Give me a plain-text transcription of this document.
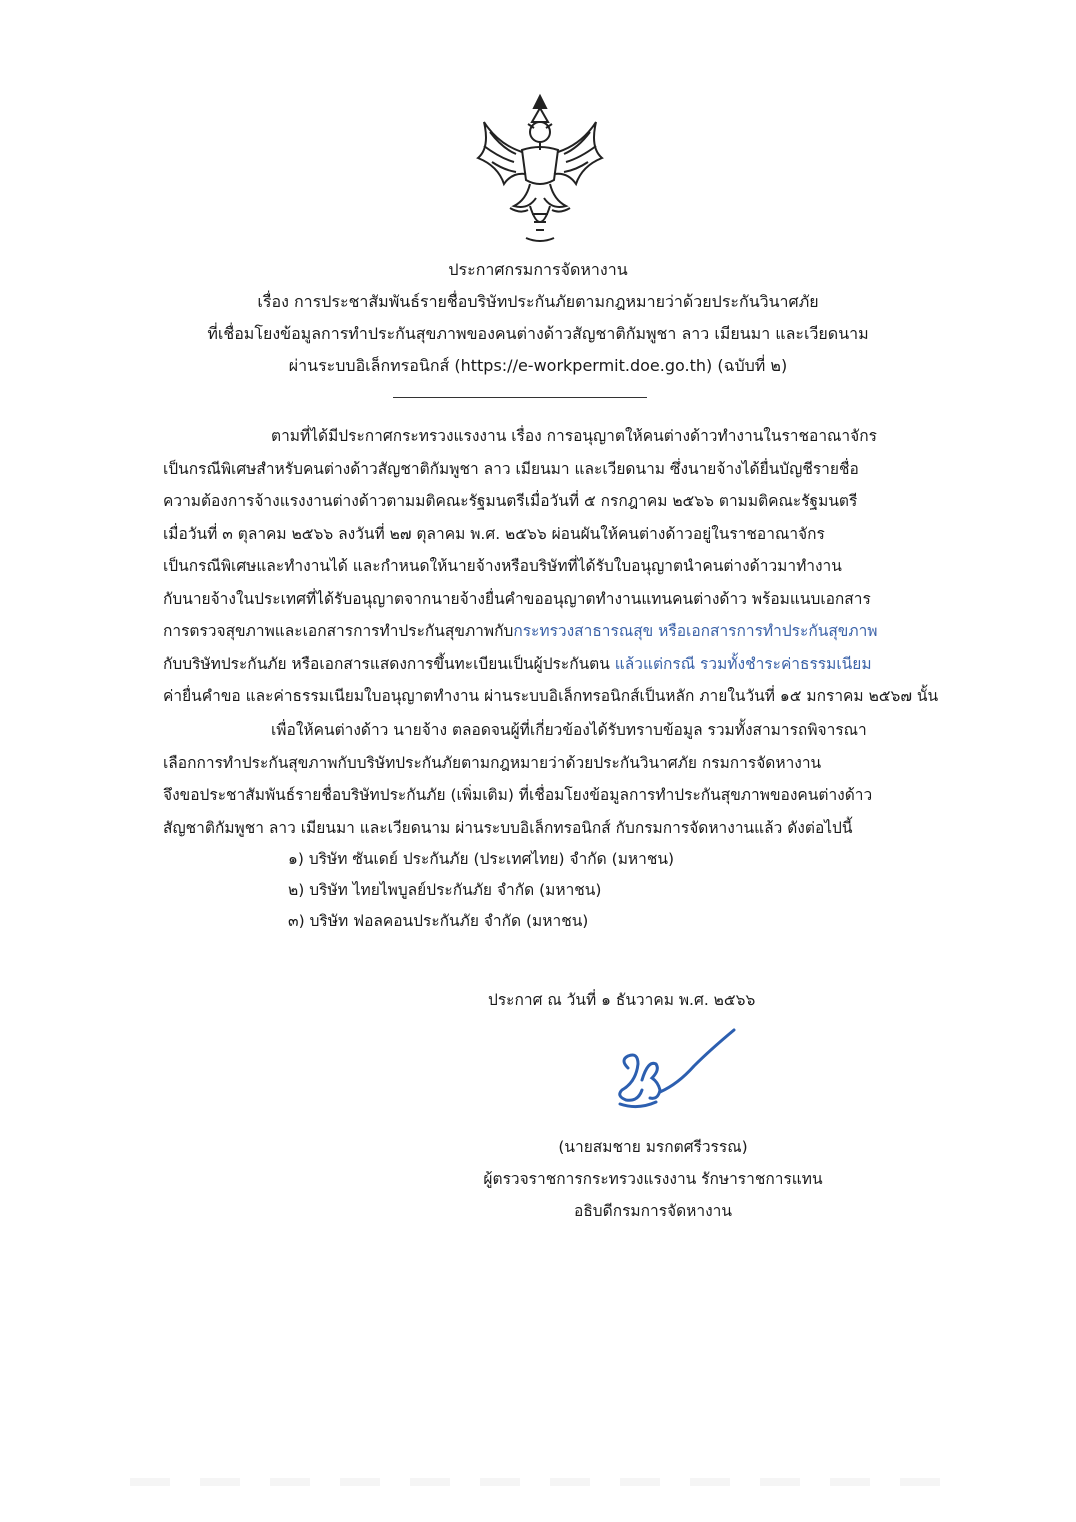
ประกาศกรมการจัดหางาน
เรื่อง การประชาสัมพันธ์รายชื่อบริษัทประกันภัยตามกฎหมายว่าด้วยประกันวินาศภัย
ที่เชื่อมโยงข้อมูลการทำประกันสุขภาพของคนต่างด้าวสัญชาติกัมพูชา ลาว เมียนมา และเวียดนาม
ผ่านระบบอิเล็กทรอนิกส์ (https://e-workpermit.doe.go.th) (ฉบับที่ ๒)
ตามที่ได้มีประกาศกระทรวงแรงงาน เรื่อง การอนุญาตให้คนต่างด้าวทำงานในราชอาณาจักร
เป็นกรณีพิเศษสำหรับคนต่างด้าวสัญชาติกัมพูชา ลาว เมียนมา และเวียดนาม ซึ่งนายจ้างได้ยื่นบัญชีรายชื่อ
ความต้องการจ้างแรงงานต่างด้าวตามมติคณะรัฐมนตรีเมื่อวันที่ ๕ กรกฎาคม ๒๕๖๖ ตามมติคณะรัฐมนตรี
เมื่อวันที่ ๓ ตุลาคม ๒๕๖๖ ลงวันที่ ๒๗ ตุลาคม พ.ศ. ๒๕๖๖ ผ่อนผันให้คนต่างด้าวอยู่ในราชอาณาจักร
เป็นกรณีพิเศษและทำงานได้ และกำหนดให้นายจ้างหรือบริษัทที่ได้รับใบอนุญาตนำคนต่างด้าวมาทำงาน
กับนายจ้างในประเทศที่ได้รับอนุญาตจากนายจ้างยื่นคำขออนุญาตทำงานแทนคนต่างด้าว พร้อมแนบเอกสาร
การตรวจสุขภาพและเอกสารการทำประกันสุขภาพกับกระทรวงสาธารณสุข หรือเอกสารการทำประกันสุขภาพ
กับบริษัทประกันภัย หรือเอกสารแสดงการขึ้นทะเบียนเป็นผู้ประกันตน แล้วแต่กรณี รวมทั้งชำระค่าธรรมเนียม
ค่ายื่นคำขอ และค่าธรรมเนียมใบอนุญาตทำงาน ผ่านระบบอิเล็กทรอนิกส์เป็นหลัก ภายในวันที่ ๑๕ มกราคม ๒๕๖๗ นั้น
เพื่อให้คนต่างด้าว นายจ้าง ตลอดจนผู้ที่เกี่ยวข้องได้รับทราบข้อมูล รวมทั้งสามารถพิจารณา
เลือกการทำประกันสุขภาพกับบริษัทประกันภัยตามกฎหมายว่าด้วยประกันวินาศภัย กรมการจัดหางาน
จึงขอประชาสัมพันธ์รายชื่อบริษัทประกันภัย (เพิ่มเติม) ที่เชื่อมโยงข้อมูลการทำประกันสุขภาพของคนต่างด้าว
สัญชาติกัมพูชา ลาว เมียนมา และเวียดนาม ผ่านระบบอิเล็กทรอนิกส์ กับกรมการจัดหางานแล้ว ดังต่อไปนี้
๑) บริษัท ซันเดย์ ประกันภัย (ประเทศไทย) จำกัด (มหาชน)
๒) บริษัท ไทยไพบูลย์ประกันภัย จำกัด (มหาชน)
๓) บริษัท ฟอลคอนประกันภัย จำกัด (มหาชน)
ประกาศ ณ วันที่ ๑ ธันวาคม พ.ศ. ๒๕๖๖
(นายสมชาย มรกตศรีวรรณ)
ผู้ตรวจราชการกระทรวงแรงงาน รักษาราชการแทน
อธิบดีกรมการจัดหางาน
